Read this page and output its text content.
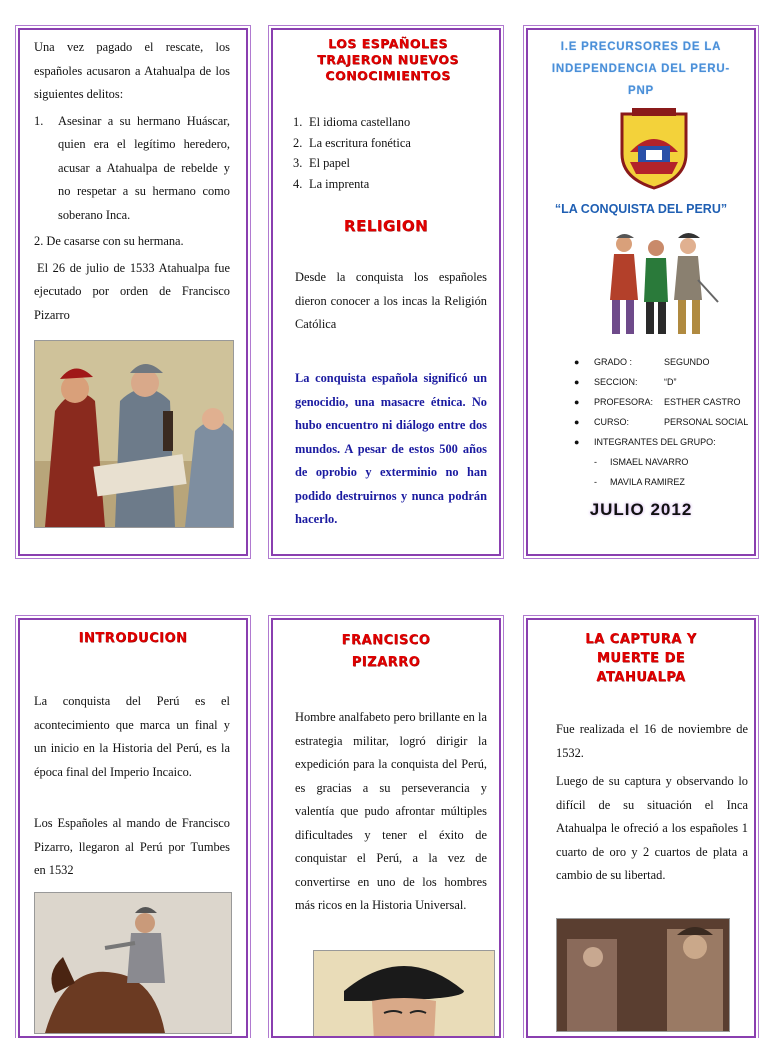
Una vez pagado el rescate, los españoles acusaron a Atahualpa de los siguientes delitos:

1.	Asesinar a su hermano Huáscar, quien era el legítimo heredero, acusar a Atahualpa de rebelde y no respetar a su hermano como soberano Inca.

2. De casarse con su hermana.

El 26 de julio de 1533 Atahualpa fue ejecutado por orden de Francisco Pizarro

LOS ESPAÑOLES TRAJERON NUEVOS CONOCIMIENTOS
1. El idioma castellano
2. La escritura fonética
3. El papel
4. La imprenta
RELIGION

Desde la conquista los españoles dieron conocer a los incas la Religión Católica

La conquista española significó un genocidio, una masacre étnica. No hubo encuentro ni diálogo entre dos mundos. A pesar de estos 500 años de oprobio y exterminio no han podido destruirnos y nunca podrán hacerlo.

I.E PRECURSORES DE LA INDEPENDENCIA DEL PERU-PNP
“LA CONQUISTA DEL PERU”
●	GRADO :	SEGUNDO
●	SECCION:	“D”
●	PROFESORA:	ESTHER CASTRO
●	CURSO:	PERSONAL SOCIAL
●	INTEGRANTES DEL GRUPO:
-	ISMAEL NAVARRO
-	MAVILA RAMIREZ
JULIO 2012
INTRODUCION

La conquista del Perú es el acontecimiento que marca un final y un inicio en la Historia del Perú, es la época final del Imperio Incaico.

Los Españoles al mando de Francisco Pizarro, llegaron al Perú por Tumbes en 1532

FRANCISCO PIZARRO

Hombre analfabeto pero brillante en la estrategia militar, logró dirigir la expedición para la conquista del Perú, es gracias a su perseverancia y valentía que pudo afrontar múltiples dificultades y tener el éxito de conquistar el Perú, a la vez de convertirse en uno de los hombres más ricos en la Historia Universal.

LA CAPTURA Y MUERTE DE ATAHUALPA

Fue realizada el 16 de noviembre de 1532.

Luego de su captura y observando lo difícil de su situación el Inca Atahualpa le ofreció a los españoles 1 cuarto de oro y 2 cuartos de plata a cambio de su libertad.
